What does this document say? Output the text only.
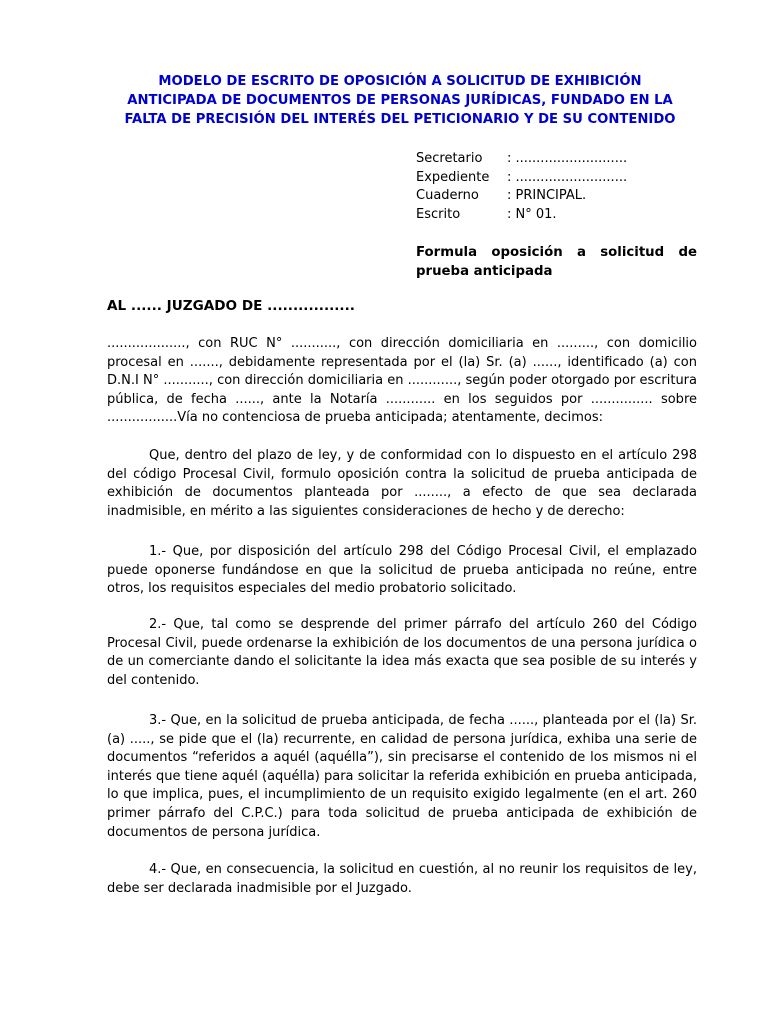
MODELO DE ESCRITO DE OPOSICIÓN A SOLICITUD DE EXHIBICIÓN
ANTICIPADA DE DOCUMENTOS DE PERSONAS JURÍDICAS, FUNDADO EN LA
FALTA DE PRECISIÓN DEL INTERÉS DEL PETICIONARIO Y DE SU CONTENIDO
Secretario	: ...........................
Expediente	: ...........................
Cuaderno	: PRINCIPAL.
Escrito	: N° 01.
Formula oposición a solicitud de prueba anticipada
AL ...... JUZGADO DE .................

..................., con RUC N° ..........., con dirección domiciliaria en ........., con domicilio procesal en ......., debidamente representada por el (la) Sr. (a) ......, identificado (a) con D.N.I N° ..........., con dirección domiciliaria en ............, según poder otorgado por escritura pública, de fecha ......, ante la Notaría ............ en los seguidos por ............... sobre .................Vía no contenciosa de prueba anticipada; atentamente, decimos:

Que, dentro del plazo de ley, y de conformidad con lo dispuesto en el artículo 298 del código Procesal Civil, formulo oposición contra la solicitud de prueba anticipada de exhibición de documentos planteada por ........, a efecto de que sea declarada inadmisible, en mérito a las siguientes consideraciones de hecho y de derecho:

1.- Que, por disposición del artículo 298 del Código Procesal Civil, el emplazado puede oponerse fundándose en que la solicitud de prueba anticipada no reúne, entre otros, los requisitos especiales del medio probatorio solicitado.

2.- Que, tal como se desprende del primer párrafo del artículo 260 del Código Procesal Civil, puede ordenarse la exhibición de los documentos de una persona jurídica o de un comerciante dando el solicitante la idea más exacta que sea posible de su interés y del contenido.

3.- Que, en la solicitud de prueba anticipada, de fecha ......, planteada por el (la) Sr. (a) ....., se pide que el (la) recurrente, en calidad de persona jurídica, exhiba una serie de documentos “referidos a aquél (aquélla”), sin precisarse el contenido de los mismos ni el interés que tiene aquél (aquélla) para solicitar la referida exhibición en prueba anticipada, lo que implica, pues, el incumplimiento de un requisito exigido legalmente (en el art. 260 primer párrafo del C.P.C.) para toda solicitud de prueba anticipada de exhibición de documentos de persona jurídica.

4.- Que, en consecuencia, la solicitud en cuestión, al no reunir los requisitos de ley, debe ser declarada inadmisible por el Juzgado.
